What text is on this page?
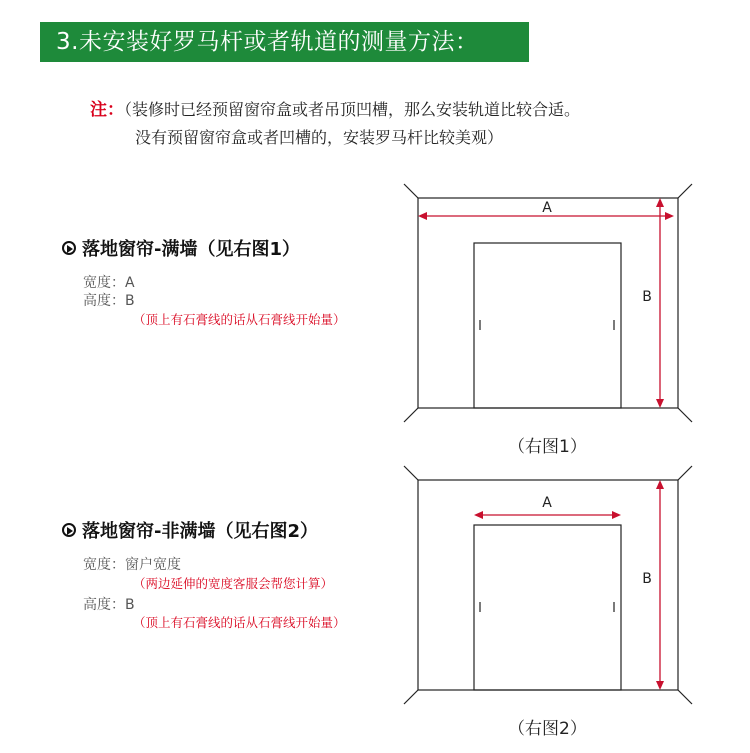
3.未安装好罗马杆或者轨道的测量方法：
注：（装修时已经预留窗帘盒或者吊顶凹槽，那么安装轨道比较合适。
没有预留窗帘盒或者凹槽的，安装罗马杆比较美观）
落地窗帘-满墙（见右图1）
宽度：A
高度：B
（顶上有石膏线的话从石膏线开始量）
A
B
（右图1）
落地窗帘-非满墙（见右图2）
宽度：窗户宽度
（两边延伸的宽度客服会帮您计算）
高度：B
（顶上有石膏线的话从石膏线开始量）
A
B
（右图2）
